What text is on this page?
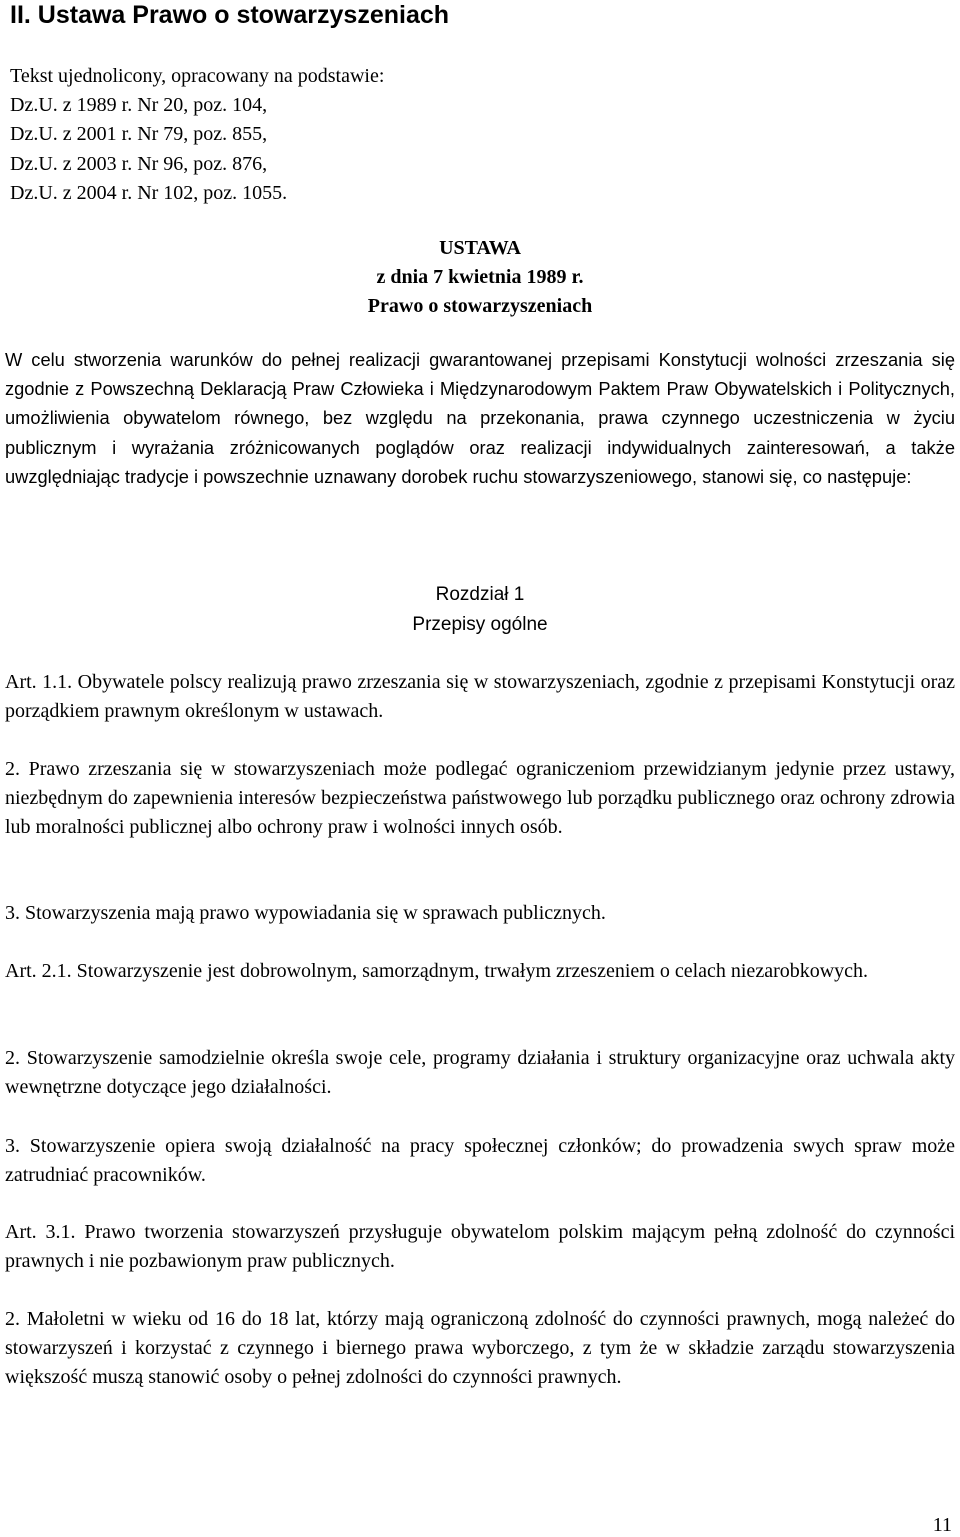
II. Ustawa Prawo o stowarzyszeniach
Tekst ujednolicony, opracowany na podstawie:
Dz.U. z 1989 r. Nr 20, poz. 104,
Dz.U. z 2001 r. Nr 79, poz. 855,
Dz.U. z 2003 r. Nr 96, poz. 876,
Dz.U. z 2004 r. Nr 102, poz. 1055.

USTAWA

z dnia 7 kwietnia 1989 r.

Prawo o stowarzyszeniach

W celu stworzenia warunków do pełnej realizacji gwarantowanej przepisami Konstytucji wolności zrzeszania się zgodnie z Powszechną Deklaracją Praw Człowieka i Międzynarodowym Paktem Praw Obywatelskich i Politycznych, umożliwienia obywatelom równego, bez względu na przekonania, prawa czynnego uczestniczenia w życiu publicznym i wyrażania zróżnicowanych poglądów oraz realizacji indywidualnych zainteresowań, a także uwzględniając tradycje i powszechnie uznawany dorobek ruchu stowarzyszeniowego, stanowi się, co następuje:

Rozdział 1

Przepisy ogólne

Art. 1.1. Obywatele polscy realizują prawo zrzeszania się w stowarzyszeniach, zgodnie z przepisami Konstytucji oraz porządkiem prawnym określonym w ustawach.

2. Prawo zrzeszania się w stowarzyszeniach może podlegać ograniczeniom przewidzianym jedynie przez ustawy, niezbędnym do zapewnienia interesów bezpieczeństwa państwowego lub porządku publicznego oraz ochrony zdrowia lub moralności publicznej albo ochrony praw i wolności innych osób.

3. Stowarzyszenia mają prawo wypowiadania się w sprawach publicznych.

Art. 2.1. Stowarzyszenie jest dobrowolnym, samorządnym, trwałym zrzeszeniem o celach niezarobkowych.

2. Stowarzyszenie samodzielnie określa swoje cele, programy działania i struktury organizacyjne oraz uchwala akty wewnętrzne dotyczące jego działalności.

3. Stowarzyszenie opiera swoją działalność na pracy społecznej członków; do prowadzenia swych spraw może zatrudniać pracowników.

Art. 3.1. Prawo tworzenia stowarzyszeń przysługuje obywatelom polskim mającym pełną zdolność do czynności prawnych i nie pozbawionym praw publicznych.

2. Małoletni w wieku od 16 do 18 lat, którzy mają ograniczoną zdolność do czynności prawnych, mogą należeć do stowarzyszeń i korzystać z czynnego i biernego prawa wyborczego, z tym że w składzie zarządu stowarzyszenia większość muszą stanowić osoby o pełnej zdolności do czynności prawnych.

11
